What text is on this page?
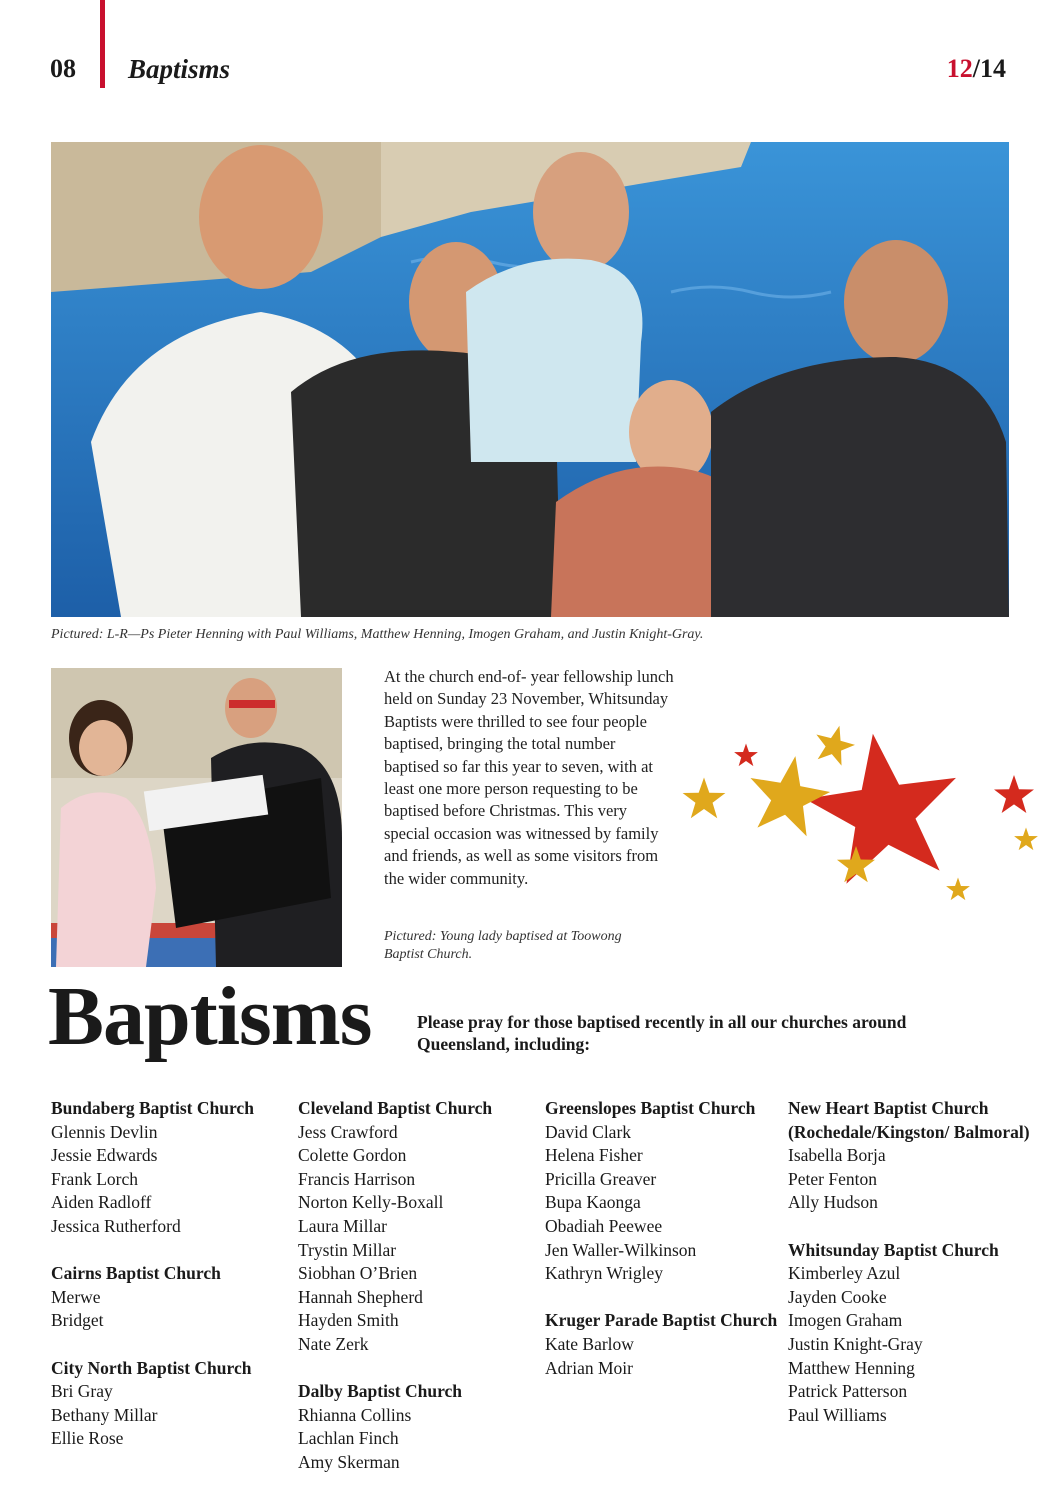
08 Baptisms	12/14
Pictured: L-R—Ps Pieter Henning with Paul Williams, Matthew Henning, Imogen Graham, and Justin Knight-Gray.

At the church end-of- year fellowship lunch held on Sunday 23 November, Whitsunday Baptists were thrilled to see four people baptised, bringing the total number baptised so far this year to seven, with at least one more person requesting to be baptised before Christmas. This very special occasion was witnessed by family and friends, as well as some visitors from the wider community.

Pictured: Young lady baptised at Toowong Baptist Church.
Baptisms	Please pray for those baptised recently in all our churches around Queensland, including:
Bundaberg Baptist Church
Glennis Devlin
Jessie Edwards
Frank Lorch
Aiden Radloff
Jessica Rutherford
Cairns Baptist Church
Merwe
Bridget
City North Baptist Church
Bri Gray
Bethany Millar
Ellie Rose
Cleveland Baptist Church
Jess Crawford
Colette Gordon
Francis Harrison
Norton Kelly-Boxall
Laura Millar
Trystin Millar
Siobhan O’Brien
Hannah Shepherd
Hayden Smith
Nate Zerk
Dalby Baptist Church
Rhianna Collins
Lachlan Finch
Amy Skerman
Greenslopes Baptist Church
David Clark
Helena Fisher
Pricilla Greaver
Bupa Kaonga
Obadiah Peewee
Jen Waller-Wilkinson
Kathryn Wrigley
Kruger Parade Baptist Church
Kate Barlow
Adrian Moir
New Heart Baptist Church (Rochedale/Kingston/ Balmoral)
Isabella Borja
Peter Fenton
Ally Hudson
Whitsunday Baptist Church
Kimberley Azul
Jayden Cooke
Imogen Graham
Justin Knight-Gray
Matthew Henning
Patrick Patterson
Paul Williams
